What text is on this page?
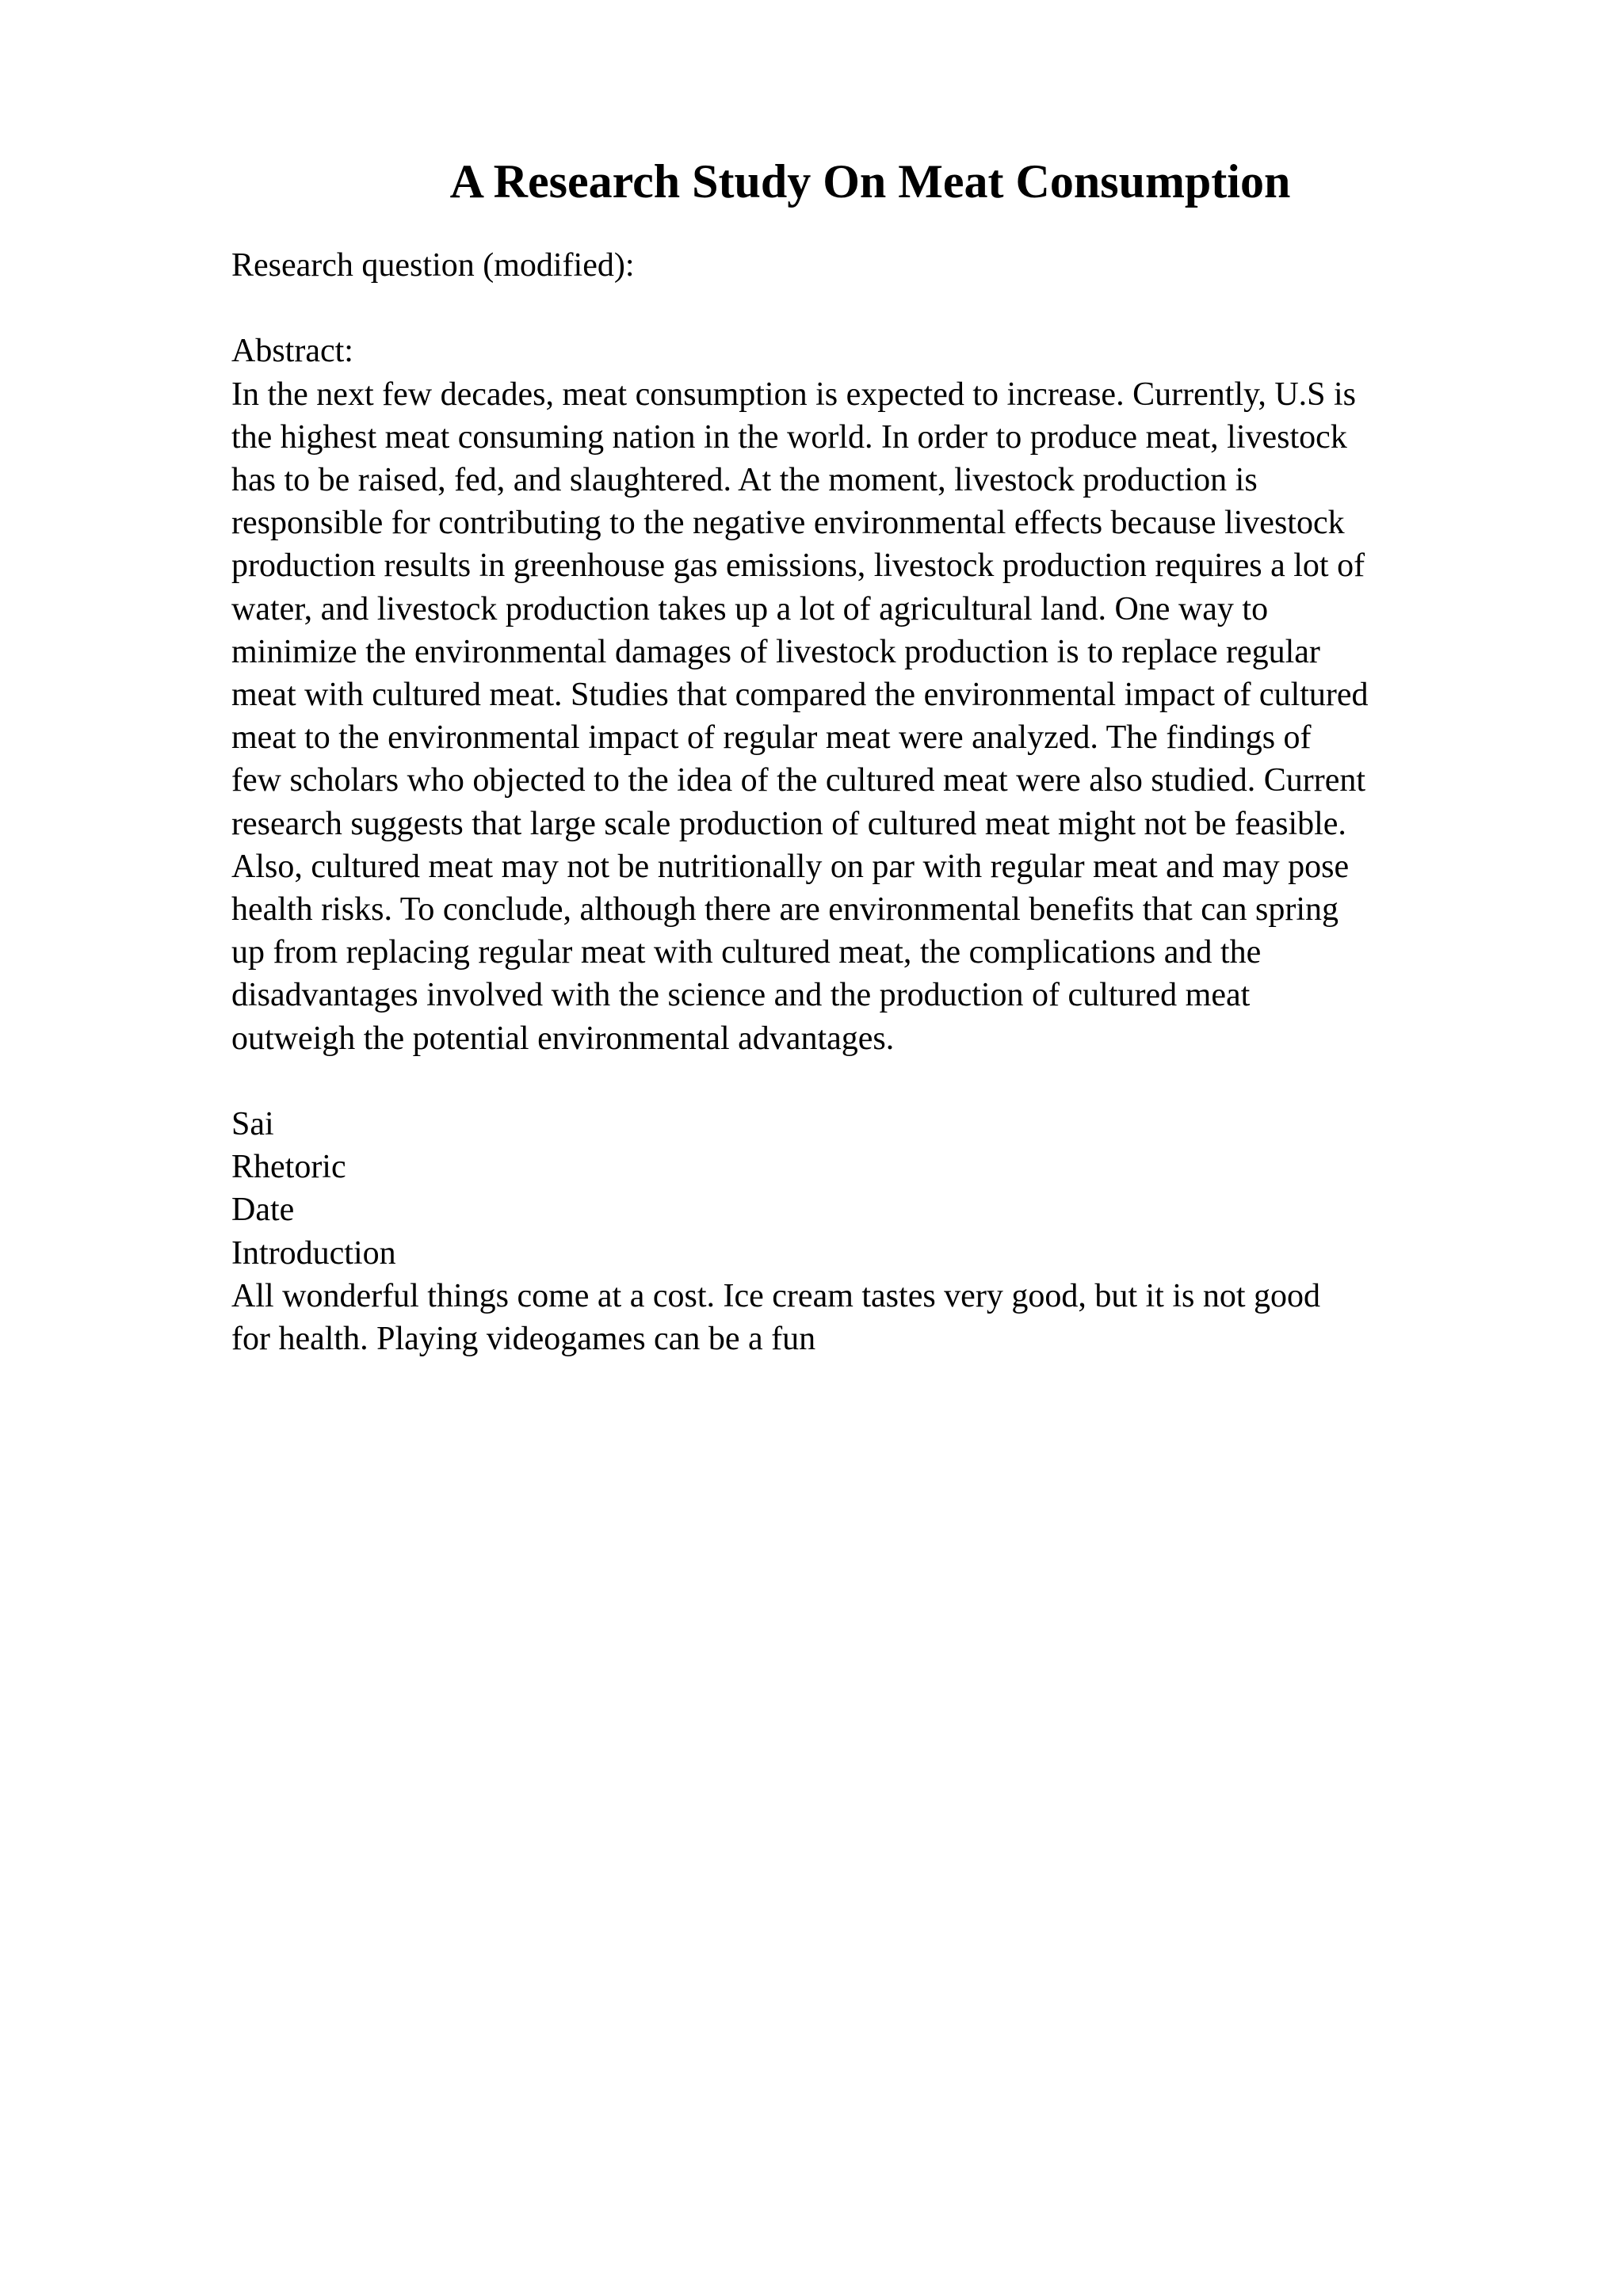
A Research Study On Meat Consumption
Research question (modified):
Abstract:
In the next few decades, meat consumption is expected to increase. Currently, U.S is
the highest meat consuming nation in the world. In order to produce meat, livestock
has to be raised, fed, and slaughtered. At the moment, livestock production is
responsible for contributing to the negative environmental effects because livestock
production results in greenhouse gas emissions, livestock production requires a lot of
water, and livestock production takes up a lot of agricultural land. One way to
minimize the environmental damages of livestock production is to replace regular
meat with cultured meat. Studies that compared the environmental impact of cultured
meat to the environmental impact of regular meat were analyzed. The findings of
few scholars who objected to the idea of the cultured meat were also studied. Current
research suggests that large scale production of cultured meat might not be feasible.
Also, cultured meat may not be nutritionally on par with regular meat and may pose
health risks. To conclude, although there are environmental benefits that can spring
up from replacing regular meat with cultured meat, the complications and the
disadvantages involved with the science and the production of cultured meat
outweigh the potential environmental advantages.
Sai
Rhetoric
Date
Introduction
All wonderful things come at a cost. Ice cream tastes very good, but it is not good
for health. Playing videogames can be a fun
